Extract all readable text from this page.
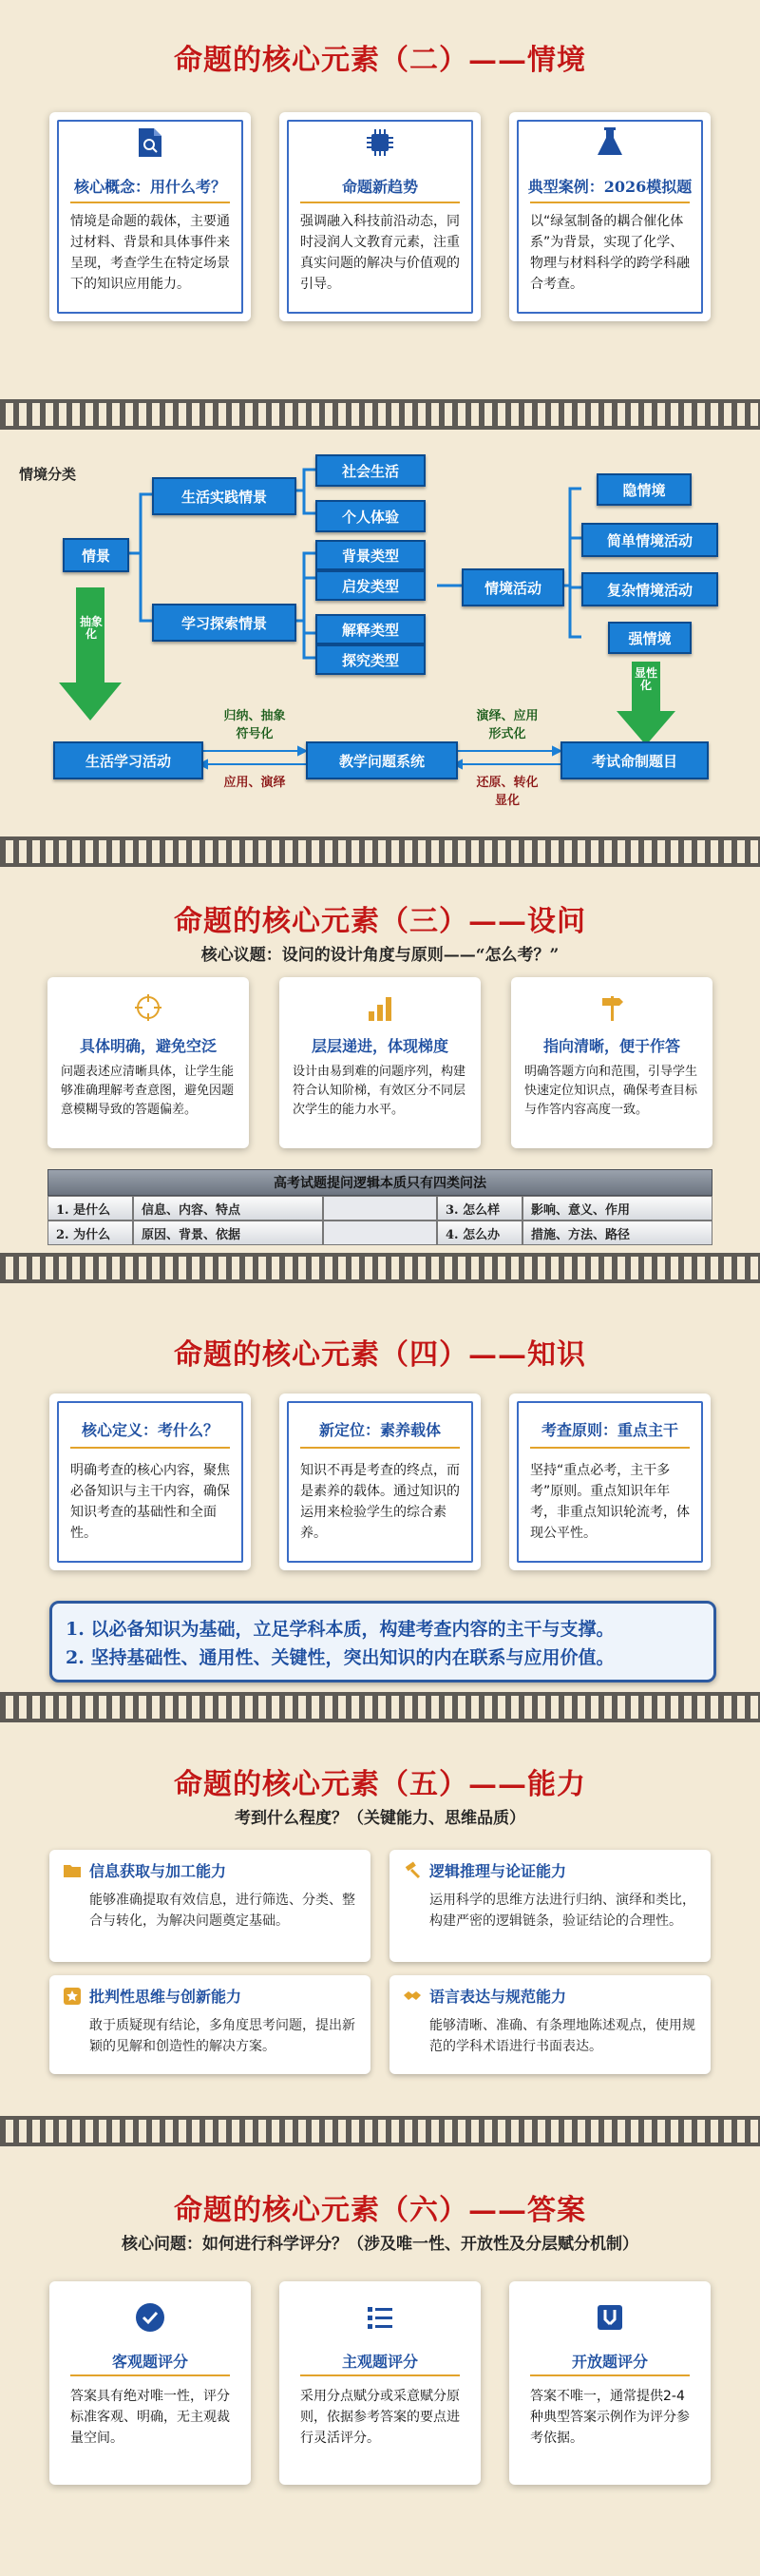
命题的核心元素（二）——情境
核心概念：用什么考？
情境是命题的载体，主要通过材料、背景和具体事件来呈现，考查学生在特定场景下的知识应用能力。
命题新趋势
强调融入科技前沿动态，同时浸润人文教育元素，注重真实问题的解决与价值观的引导。
典型案例：2026模拟题
以“绿氢制备的耦合催化体系”为背景，实现了化学、物理与材料科学的跨学科融合考查。
情境分类
情景
生活实践情景
学习探索情景
社会生活
个人体验
背景类型
启发类型
解释类型
探究类型
情境活动
隐情境
简单情境活动
复杂情境活动
强情境
抽象化
显性化
生活学习活动	教学问题系统	考试命制题目
归纳、抽象
符号化
应用、演绎
演绎、应用
形式化
还原、转化
显化
命题的核心元素（三）——设问
核心议题：设问的设计角度与原则——“怎么考？”
具体明确，避免空泛
问题表述应清晰具体，让学生能够准确理解考查意图，避免因题意模糊导致的答题偏差。
层层递进，体现梯度
设计由易到难的问题序列，构建符合认知阶梯，有效区分不同层次学生的能力水平。
指向清晰，便于作答
明确答题方向和范围，引导学生快速定位知识点，确保考查目标与作答内容高度一致。
高考试题提问逻辑本质只有四类问法
1. 是什么	信息、内容、特点	3. 怎么样	影响、意义、作用
2. 为什么	原因、背景、依据	4. 怎么办	措施、方法、路径
命题的核心元素（四）——知识
核心定义：考什么？
明确考查的核心内容，聚焦必备知识与主干内容，确保知识考查的基础性和全面性。
新定位：素养载体
知识不再是考查的终点，而是素养的载体。通过知识的运用来检验学生的综合素养。
考查原则：重点主干
坚持“重点必考，主干多考”原则。重点知识年年考，非重点知识轮流考，体现公平性。
1. 以必备知识为基础，立足学科本质，构建考查内容的主干与支撑。
2. 坚持基础性、通用性、关键性，突出知识的内在联系与应用价值。
命题的核心元素（五）——能力
考到什么程度？（关键能力、思维品质）
信息获取与加工能力
能够准确提取有效信息，进行筛选、分类、整合与转化，为解决问题奠定基础。
逻辑推理与论证能力
运用科学的思维方法进行归纳、演绎和类比，构建严密的逻辑链条，验证结论的合理性。
批判性思维与创新能力
敢于质疑现有结论，多角度思考问题，提出新颖的见解和创造性的解决方案。
语言表达与规范能力
能够清晰、准确、有条理地陈述观点，使用规范的学科术语进行书面表达。
命题的核心元素（六）——答案
核心问题：如何进行科学评分？（涉及唯一性、开放性及分层赋分机制）
客观题评分
答案具有绝对唯一性，评分标准客观、明确，无主观裁量空间。
主观题评分
采用分点赋分或采意赋分原则，依据参考答案的要点进行灵活评分。
开放题评分
答案不唯一，通常提供2-4种典型答案示例作为评分参考依据。
